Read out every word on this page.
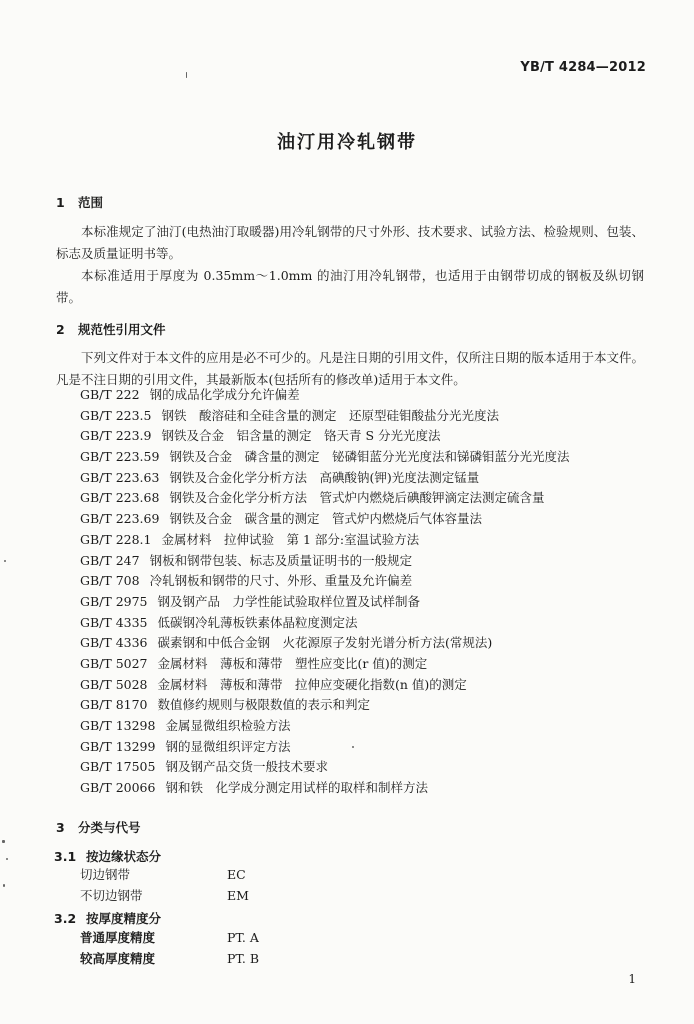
YB/T 4284—2012
油汀用冷轧钢带
1 范围

本标准规定了油汀(电热油汀取暖器)用冷轧钢带的尺寸外形、技术要求、试验方法、检验规则、包装、标志及质量证明书等。

本标准适用于厚度为 0.35mm～1.0mm 的油汀用冷轧钢带，也适用于由钢带切成的钢板及纵切钢带。

2 规范性引用文件

下列文件对于本文件的应用是必不可少的。凡是注日期的引用文件，仅所注日期的版本适用于本文件。凡是不注日期的引用文件，其最新版本(包括所有的修改单)适用于本文件。

GB/T 222 钢的成品化学成分允许偏差
GB/T 223.5 钢铁　酸溶硅和全硅含量的测定　还原型硅钼酸盐分光光度法
GB/T 223.9 钢铁及合金　铝含量的测定　铬天青 S 分光光度法
GB/T 223.59 钢铁及合金　磷含量的测定　铋磷钼蓝分光光度法和锑磷钼蓝分光光度法
GB/T 223.63 钢铁及合金化学分析方法　高碘酸钠(钾)光度法测定锰量
GB/T 223.68 钢铁及合金化学分析方法　管式炉内燃烧后碘酸钾滴定法测定硫含量
GB/T 223.69 钢铁及合金　碳含量的测定　管式炉内燃烧后气体容量法
GB/T 228.1 金属材料　拉伸试验　第 1 部分:室温试验方法
GB/T 247 钢板和钢带包装、标志及质量证明书的一般规定
GB/T 708 冷轧钢板和钢带的尺寸、外形、重量及允许偏差
GB/T 2975 钢及钢产品　力学性能试验取样位置及试样制备
GB/T 4335 低碳钢冷轧薄板铁素体晶粒度测定法
GB/T 4336 碳素钢和中低合金钢　火花源原子发射光谱分析方法(常规法)
GB/T 5027 金属材料　薄板和薄带　塑性应变比(r 值)的测定
GB/T 5028 金属材料　薄板和薄带　拉伸应变硬化指数(n 值)的测定
GB/T 8170 数值修约规则与极限数值的表示和判定
GB/T 13298 金属显微组织检验方法
GB/T 13299 钢的显微组织评定方法
GB/T 17505 钢及钢产品交货一般技术要求
GB/T 20066 钢和铁　化学成分测定用试样的取样和制样方法
3 分类与代号
3.1 按边缘状态分
切边钢带	EC
不切边钢带	EM
3.2 按厚度精度分
普通厚度精度	PT. A
较高厚度精度	PT. B
1
